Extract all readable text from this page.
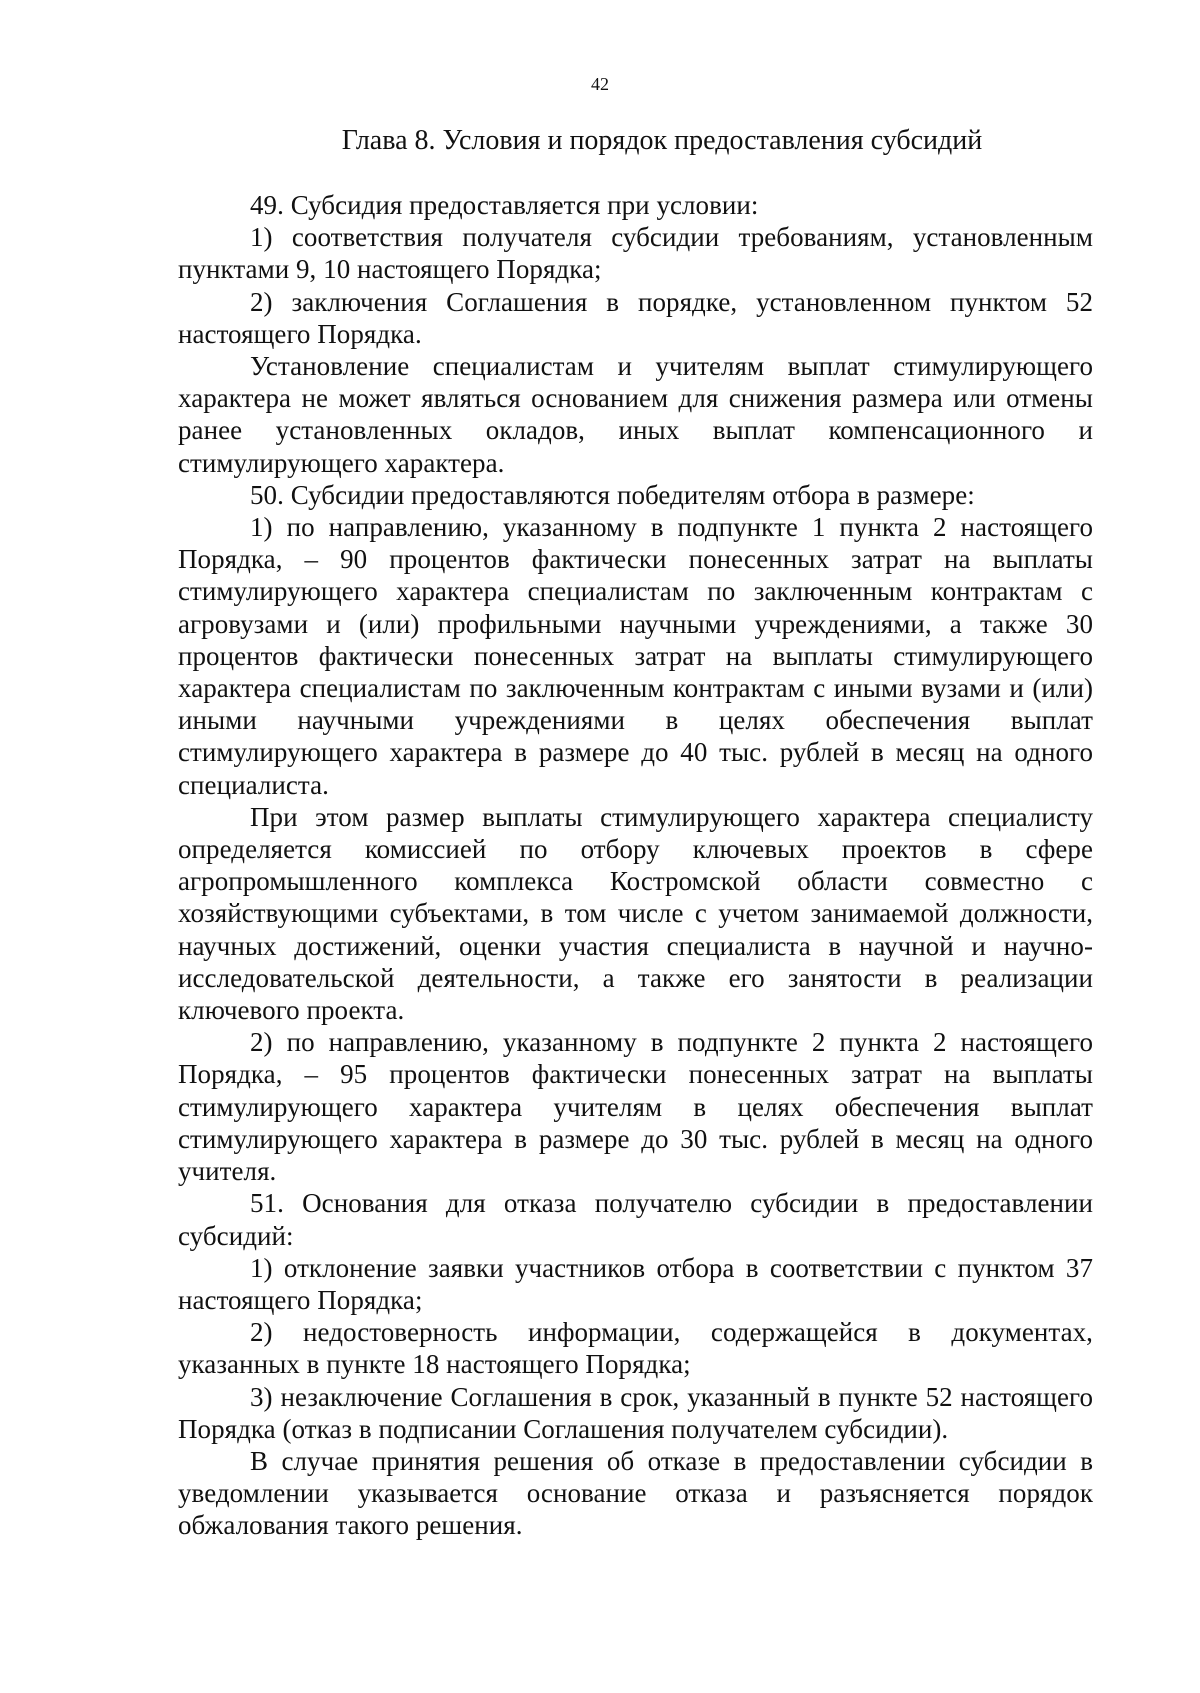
42
Глава 8. Условия и порядок предоставления субсидий

49. Субсидия предоставляется при условии:

1) соответствия получателя субсидии требованиям, установленным пунктами 9, 10 настоящего Порядка;

2) заключения Соглашения в порядке, установленном пунктом 52 настоящего Порядка.

Установление специалистам и учителям выплат стимулирующего характера не может являться основанием для снижения размера или отмены ранее установленных окладов, иных выплат компенсационного и стимулирующего характера.

50. Субсидии предоставляются победителям отбора в размере:

1) по направлению, указанному в подпункте 1 пункта 2 настоящего Порядка, – 90 процентов фактически понесенных затрат на выплаты стимулирующего характера специалистам по заключенным контрактам с агровузами и (или) профильными научными учреждениями, а также 30 процентов фактически понесенных затрат на выплаты стимулирующего характера специалистам по заключенным контрактам с иными вузами и (или) иными научными учреждениями в целях обеспечения выплат стимулирующего характера в размере до 40 тыс. рублей в месяц на одного специалиста.

При этом размер выплаты стимулирующего характера специалисту определяется комиссией по отбору ключевых проектов в сфере агропромышленного комплекса Костромской области совместно с хозяйствующими субъектами, в том числе с учетом занимаемой должности, научных достижений, оценки участия специалиста в научной и научно-исследовательской деятельности, а также его занятости в реализации ключевого проекта.

2) по направлению, указанному в подпункте 2 пункта 2 настоящего Порядка, – 95 процентов фактически понесенных затрат на выплаты стимулирующего характера учителям в целях обеспечения выплат стимулирующего характера в размере до 30 тыс. рублей в месяц на одного учителя.

51. Основания для отказа получателю субсидии в предоставлении субсидий:

1) отклонение заявки участников отбора в соответствии с пунктом 37 настоящего Порядка;

2) недостоверность информации, содержащейся в документах, указанных в пункте 18 настоящего Порядка;

3) незаключение Соглашения в срок, указанный в пункте 52 настоящего Порядка (отказ в подписании Соглашения получателем субсидии).

В случае принятия решения об отказе в предоставлении субсидии в уведомлении указывается основание отказа и разъясняется порядок обжалования такого решения.
